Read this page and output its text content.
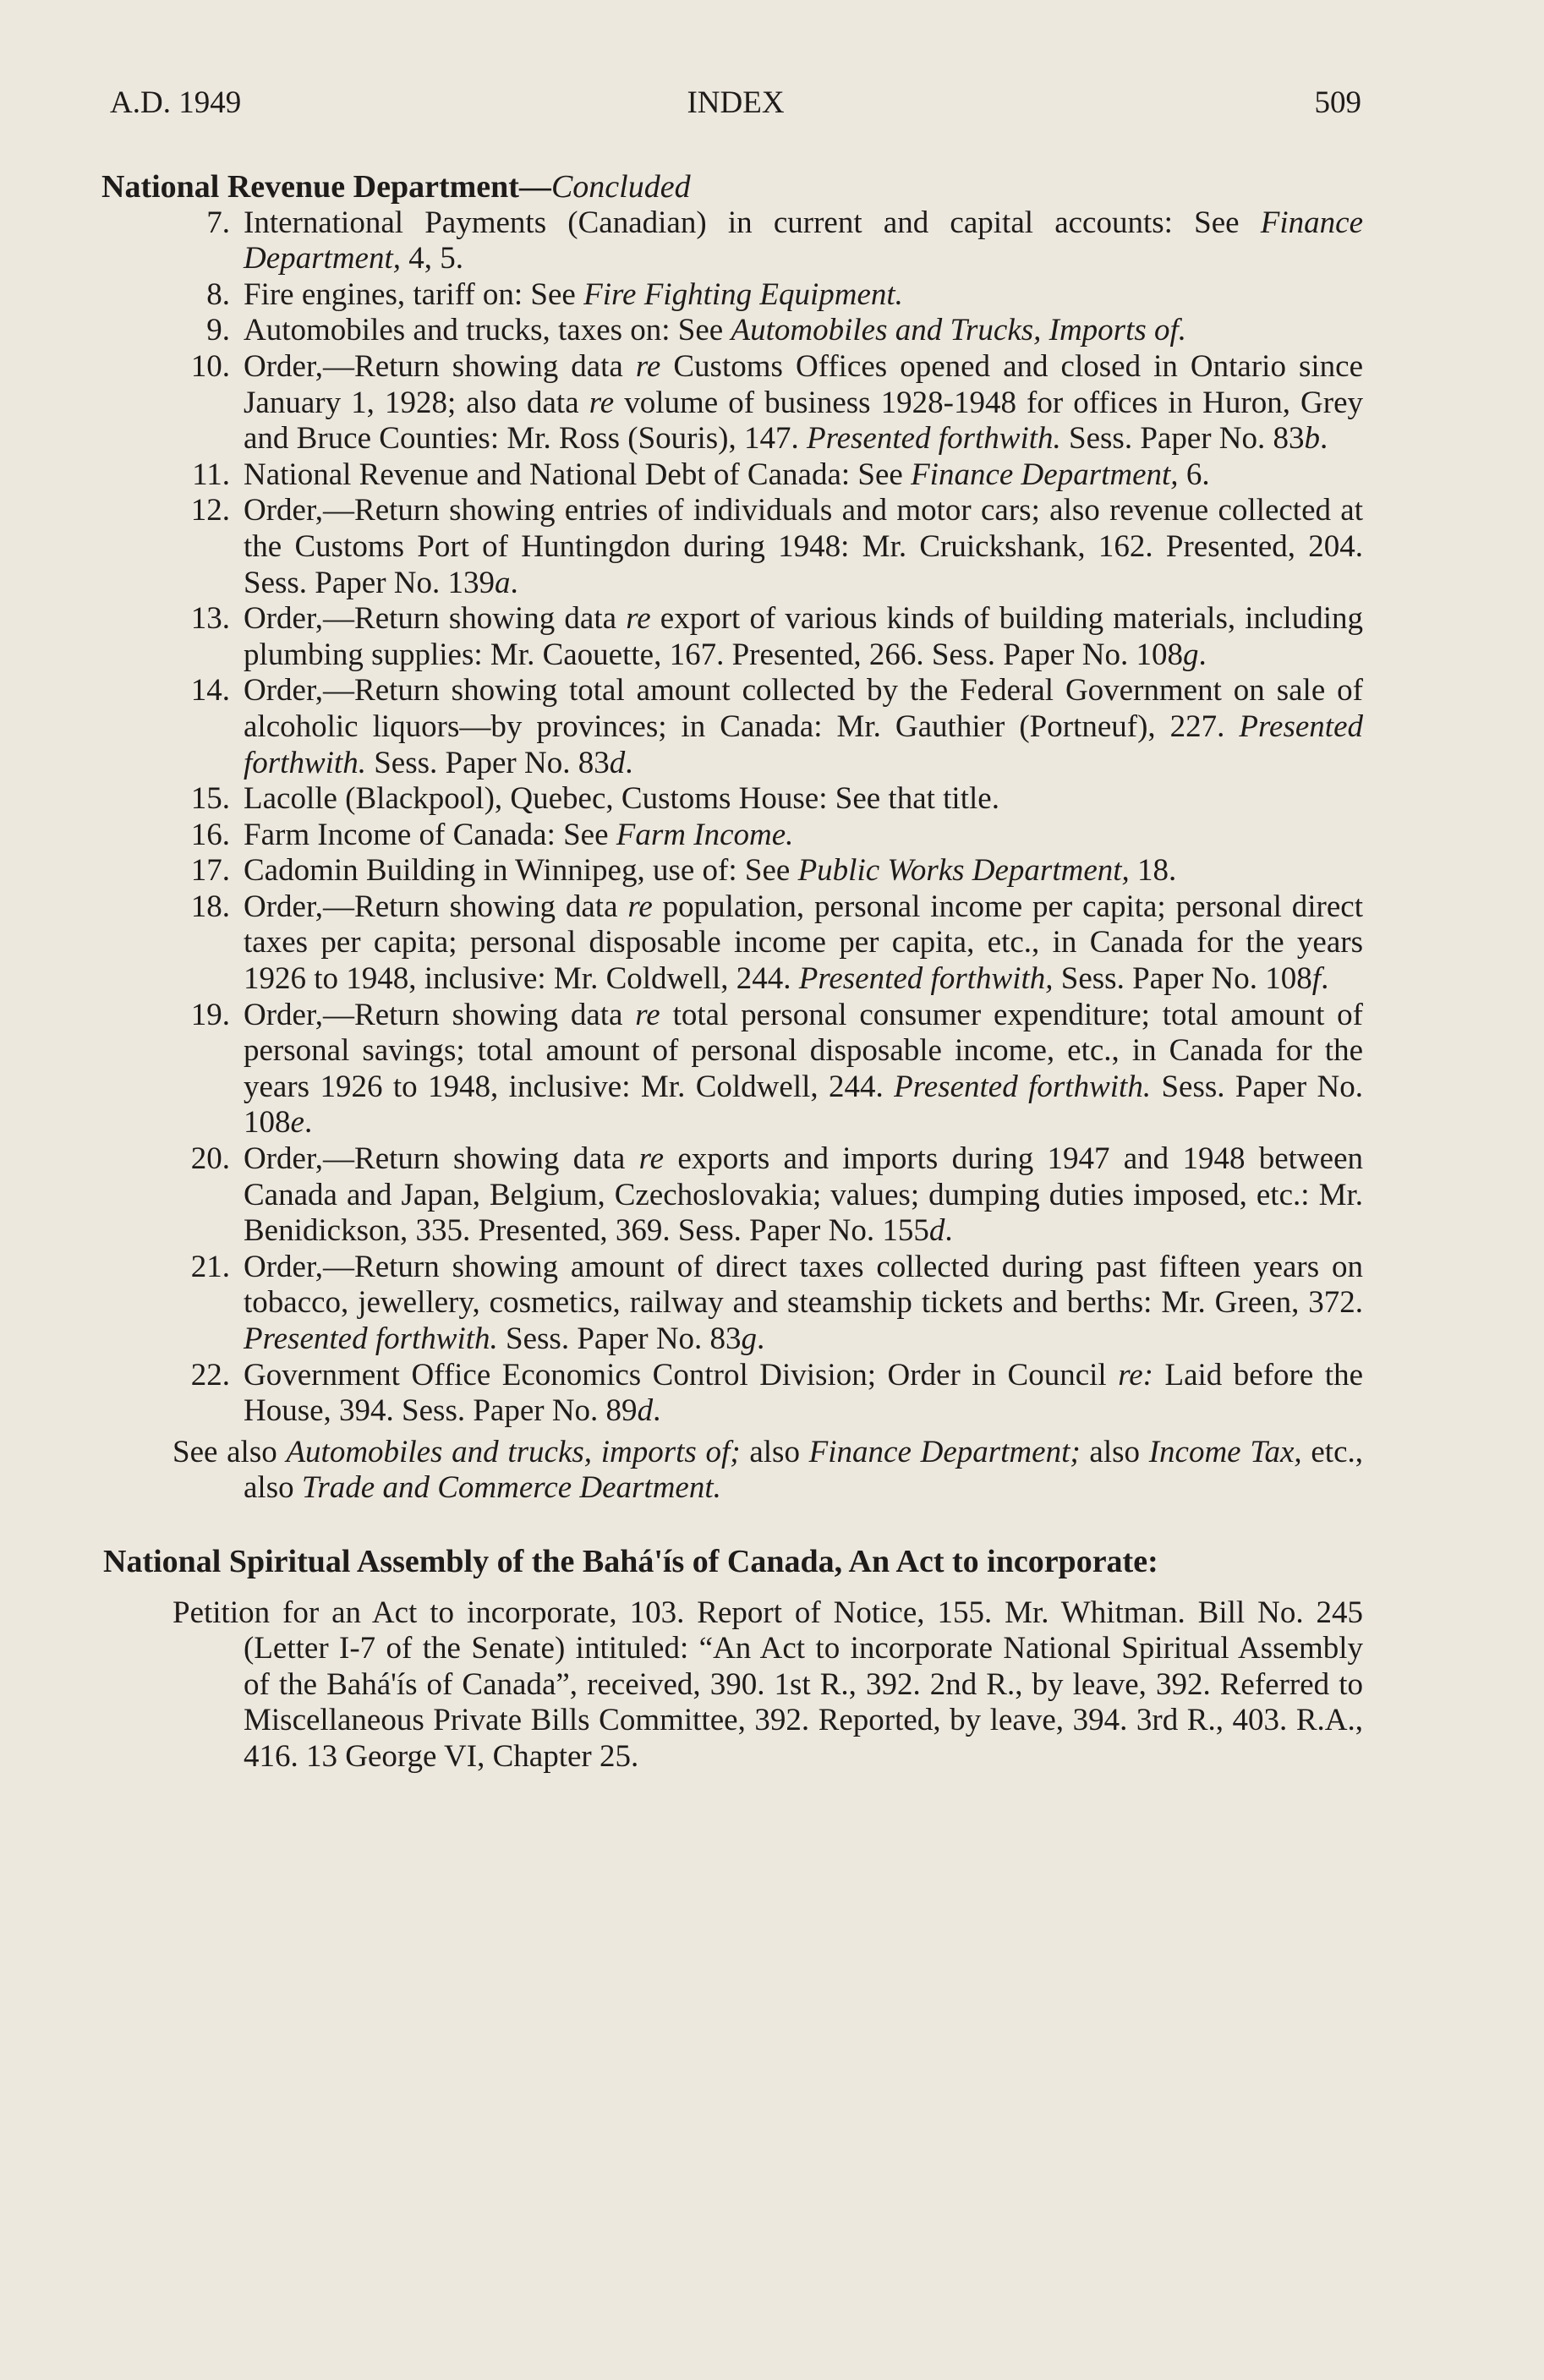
A.D. 1949	INDEX	509
National Revenue Department—Concluded
7. International Payments (Canadian) in current and capital accounts: See Finance Department, 4, 5.
8. Fire engines, tariff on: See Fire Fighting Equipment.
9. Automobiles and trucks, taxes on: See Automobiles and Trucks, Imports of.
10. Order,—Return showing data re Customs Offices opened and closed in Ontario since January 1, 1928; also data re volume of business 1928-1948 for offices in Huron, Grey and Bruce Counties: Mr. Ross (Souris), 147. Presented forthwith. Sess. Paper No. 83b.
11. National Revenue and National Debt of Canada: See Finance Department, 6.
12. Order,—Return showing entries of individuals and motor cars; also revenue collected at the Customs Port of Huntingdon during 1948: Mr. Cruickshank, 162. Presented, 204. Sess. Paper No. 139a.
13. Order,—Return showing data re export of various kinds of building materials, including plumbing supplies: Mr. Caouette, 167. Presented, 266. Sess. Paper No. 108g.
14. Order,—Return showing total amount collected by the Federal Government on sale of alcoholic liquors—by provinces; in Canada: Mr. Gauthier (Portneuf), 227. Presented forthwith. Sess. Paper No. 83d.
15. Lacolle (Blackpool), Quebec, Customs House: See that title.
16. Farm Income of Canada: See Farm Income.
17. Cadomin Building in Winnipeg, use of: See Public Works Department, 18.
18. Order,—Return showing data re population, personal income per capita; personal direct taxes per capita; personal disposable income per capita, etc., in Canada for the years 1926 to 1948, inclusive: Mr. Coldwell, 244. Presented forthwith, Sess. Paper No. 108f.
19. Order,—Return showing data re total personal consumer expenditure; total amount of personal savings; total amount of personal disposable income, etc., in Canada for the years 1926 to 1948, inclusive: Mr. Coldwell, 244. Presented forthwith. Sess. Paper No. 108e.
20. Order,—Return showing data re exports and imports during 1947 and 1948 between Canada and Japan, Belgium, Czechoslovakia; values; dumping duties imposed, etc.: Mr. Benidickson, 335. Presented, 369. Sess. Paper No. 155d.
21. Order,—Return showing amount of direct taxes collected during past fifteen years on tobacco, jewellery, cosmetics, railway and steamship tickets and berths: Mr. Green, 372. Presented forthwith. Sess. Paper No. 83g.
22. Government Office Economics Control Division; Order in Council re: Laid before the House, 394. Sess. Paper No. 89d.
See also Automobiles and trucks, imports of; also Finance Department; also Income Tax, etc., also Trade and Commerce Deartment.
National Spiritual Assembly of the Bahá'ís of Canada, An Act to incorporate:
Petition for an Act to incorporate, 103. Report of Notice, 155. Mr. Whitman. Bill No. 245 (Letter I-7 of the Senate) intituled: “An Act to incorporate National Spiritual Assembly of the Bahá'ís of Canada”, received, 390. 1st R., 392. 2nd R., by leave, 392. Referred to Miscellaneous Private Bills Committee, 392. Reported, by leave, 394. 3rd R., 403. R.A., 416. 13 George VI, Chapter 25.
